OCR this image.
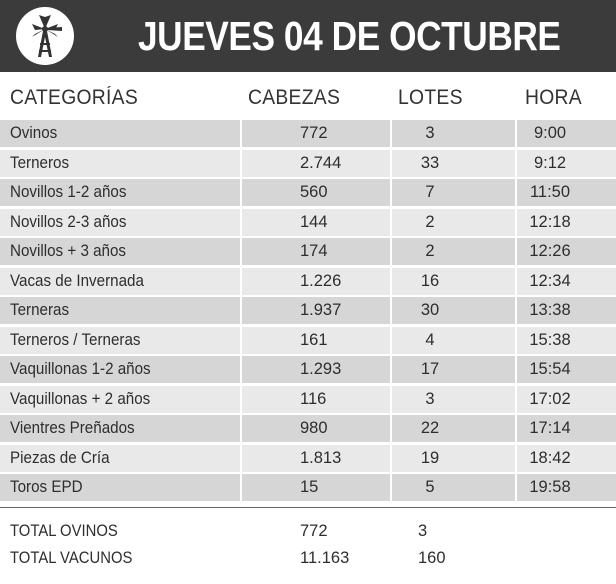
JUEVES 04 DE OCTUBRE
CATEGORÍAS	CABEZAS	LOTES	HORA
Ovinos	772	3	9:00
Terneros	2.744	33	9:12
Novillos 1-2 años	560	7	11:50
Novillos 2-3 años	144	2	12:18
Novillos + 3 años	174	2	12:26
Vacas de Invernada	1.226	16	12:34
Terneras	1.937	30	13:38
Terneros / Terneras	161	4	15:38
Vaquillonas 1-2 años	1.293	17	15:54
Vaquillonas + 2 años	116	3	17:02
Vientres Preñados	980	22	17:14
Piezas de Cría	1.813	19	18:42
Toros EPD	15	5	19:58
TOTAL OVINOS	772	3
TOTAL VACUNOS	11.163	160
